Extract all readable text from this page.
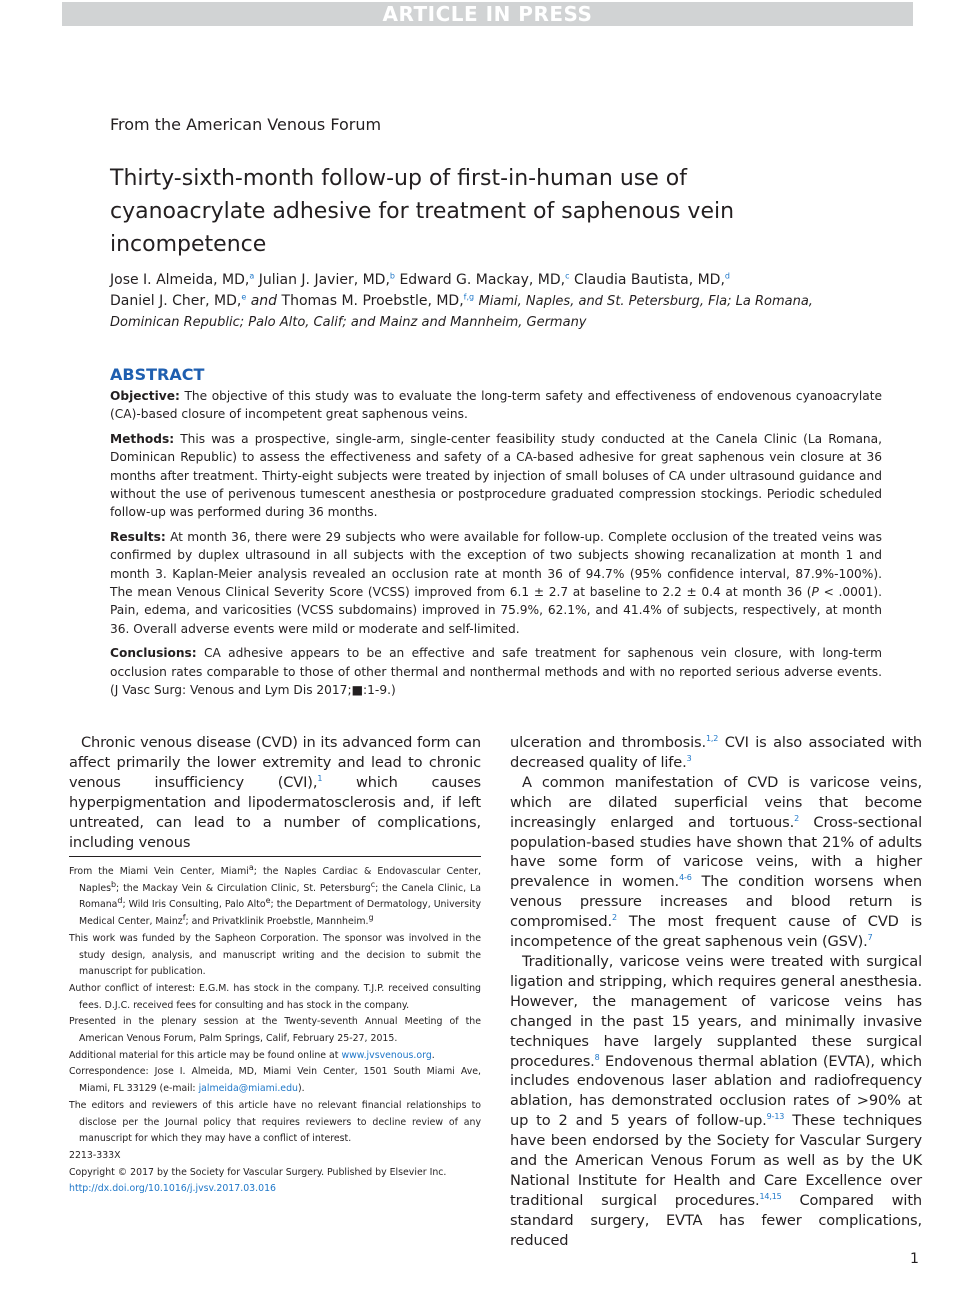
ARTICLE IN PRESS
From the American Venous Forum
Thirty-sixth-month follow-up of first-in-human use of cyanoacrylate adhesive for treatment of saphenous vein incompetence
Jose I. Almeida, MD,$^a$ Julian J. Javier, MD,$^b$ Edward G. Mackay, MD,$^c$ Claudia Bautista, MD,$^d$
Daniel J. Cher, MD,$^e$ and Thomas M. Proebstle, MD,$^{f,g}$ Miami, Naples, and St. Petersburg, Fla; La Romana, Dominican Republic; Palo Alto, Calif; and Mainz and Mannheim, Germany
ABSTRACT

Objective: The objective of this study was to evaluate the long-term safety and effectiveness of endovenous cyanoacrylate (CA)-based closure of incompetent great saphenous veins.

Methods: This was a prospective, single-arm, single-center feasibility study conducted at the Canela Clinic (La Romana, Dominican Republic) to assess the effectiveness and safety of a CA-based adhesive for great saphenous vein closure at 36 months after treatment. Thirty-eight subjects were treated by injection of small boluses of CA under ultrasound guidance and without the use of perivenous tumescent anesthesia or postprocedure graduated compression stockings. Periodic scheduled follow-up was performed during 36 months.

Results: At month 36, there were 29 subjects who were available for follow-up. Complete occlusion of the treated veins was confirmed by duplex ultrasound in all subjects with the exception of two subjects showing recanalization at month 1 and month 3. Kaplan-Meier analysis revealed an occlusion rate at month 36 of 94.7% (95% confidence interval, 87.9%-100%). The mean Venous Clinical Severity Score (VCSS) improved from 6.1 ± 2.7 at baseline to 2.2 ± 0.4 at month 36 (P < .0001). Pain, edema, and varicosities (VCSS subdomains) improved in 75.9%, 62.1%, and 41.4% of subjects, respectively, at month 36. Overall adverse events were mild or moderate and self-limited.

Conclusions: CA adhesive appears to be an effective and safe treatment for saphenous vein closure, with long-term occlusion rates comparable to those of other thermal and nonthermal methods and with no reported serious adverse events. (J Vasc Surg: Venous and Lym Dis 2017;■:1-9.)

Chronic venous disease (CVD) in its advanced form can affect primarily the lower extremity and lead to chronic venous insufficiency (CVI),$^1$ which causes hyperpigmentation and lipodermatosclerosis and, if left untreated, can lead to a number of complications, including venous

From the Miami Vein Center, Miami$^a$; the Naples Cardiac & Endovascular Center, Naples$^b$; the Mackay Vein & Circulation Clinic, St. Petersburg$^c$; the Canela Clinic, La Romana$^d$; Wild Iris Consulting, Palo Alto$^e$; the Department of Dermatology, University Medical Center, Mainz$^f$; and Privatklinik Proebstle, Mannheim.$^g$

This work was funded by the Sapheon Corporation. The sponsor was involved in the study design, analysis, and manuscript writing and the decision to submit the manuscript for publication.

Author conflict of interest: E.G.M. has stock in the company. T.J.P. received consulting fees. D.J.C. received fees for consulting and has stock in the company.

Presented in the plenary session at the Twenty-seventh Annual Meeting of the American Venous Forum, Palm Springs, Calif, February 25-27, 2015.

Additional material for this article may be found online at www.jvsvenous.org.

Correspondence: Jose I. Almeida, MD, Miami Vein Center, 1501 South Miami Ave, Miami, FL 33129 (e-mail: jalmeida@miami.edu).

The editors and reviewers of this article have no relevant financial relationships to disclose per the Journal policy that requires reviewers to decline review of any manuscript for which they may have a conflict of interest.

2213-333X

Copyright © 2017 by the Society for Vascular Surgery. Published by Elsevier Inc.

http://dx.doi.org/10.1016/j.jvsv.2017.03.016

ulceration and thrombosis.$^{1,2}$ CVI is also associated with decreased quality of life.$^3$

A common manifestation of CVD is varicose veins, which are dilated superficial veins that become increasingly enlarged and tortuous.$^2$ Cross-sectional population-based studies have shown that 21% of adults have some form of varicose veins, with a higher prevalence in women.$^{4-6}$ The condition worsens when venous pressure increases and blood return is compromised.$^2$ The most frequent cause of CVD is incompetence of the great saphenous vein (GSV).$^7$

Traditionally, varicose veins were treated with surgical ligation and stripping, which requires general anesthesia. However, the management of varicose veins has changed in the past 15 years, and minimally invasive techniques have largely supplanted these surgical procedures.$^8$ Endovenous thermal ablation (EVTA), which includes endovenous laser ablation and radiofrequency ablation, has demonstrated occlusion rates of >90% at up to 2 and 5 years of follow-up.$^{9-13}$ These techniques have been endorsed by the Society for Vascular Surgery and the American Venous Forum as well as by the UK National Institute for Health and Care Excellence over traditional surgical procedures.$^{14,15}$ Compared with standard surgery, EVTA has fewer complications, reduced

1
